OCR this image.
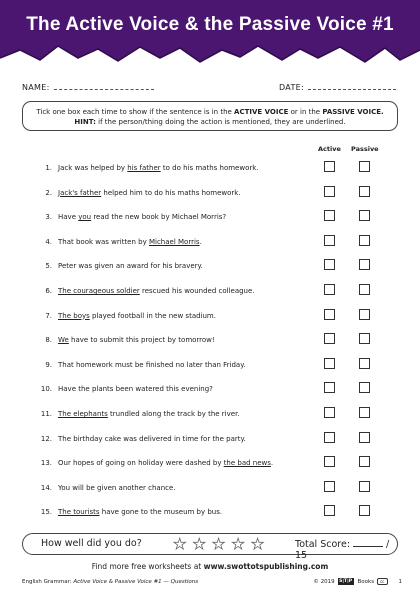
The Active Voice & the Passive Voice #1
NAME:	DATE:
Tick one box each time to show if the sentence is in the ACTIVE VOICE or in the PASSIVE VOICE. HINT: if the person/thing doing the action is mentioned, they are underlined.
Active Passive
1. Jack was helped by his father to do his maths homework.
2. Jack's father helped him to do his maths homework.
3. Have you read the new book by Michael Morris?
4. That book was written by Michael Morris.
5. Peter was given an award for his bravery.
6. The courageous soldier rescued his wounded colleague.
7. The boys played football in the new stadium.
8. We have to submit this project by tomorrow!
9. That homework must be finished no later than Friday.
10. Have the plants been watered this evening?
11. The elephants trundled along the track by the river.
12. The birthday cake was delivered in time for the party.
13. Our hopes of going on holiday were dashed by the bad news.
14. You will be given another chance.
15. The tourists have gone to the museum by bus.
How well did you do? ★★★★★	Total Score:	/ 15
Find more free worksheets at www.swottotspublishing.com
English Grammar: Active Voice & Passive Voice #1 — Questions	© 2019	S|T|P Books	cc	1
